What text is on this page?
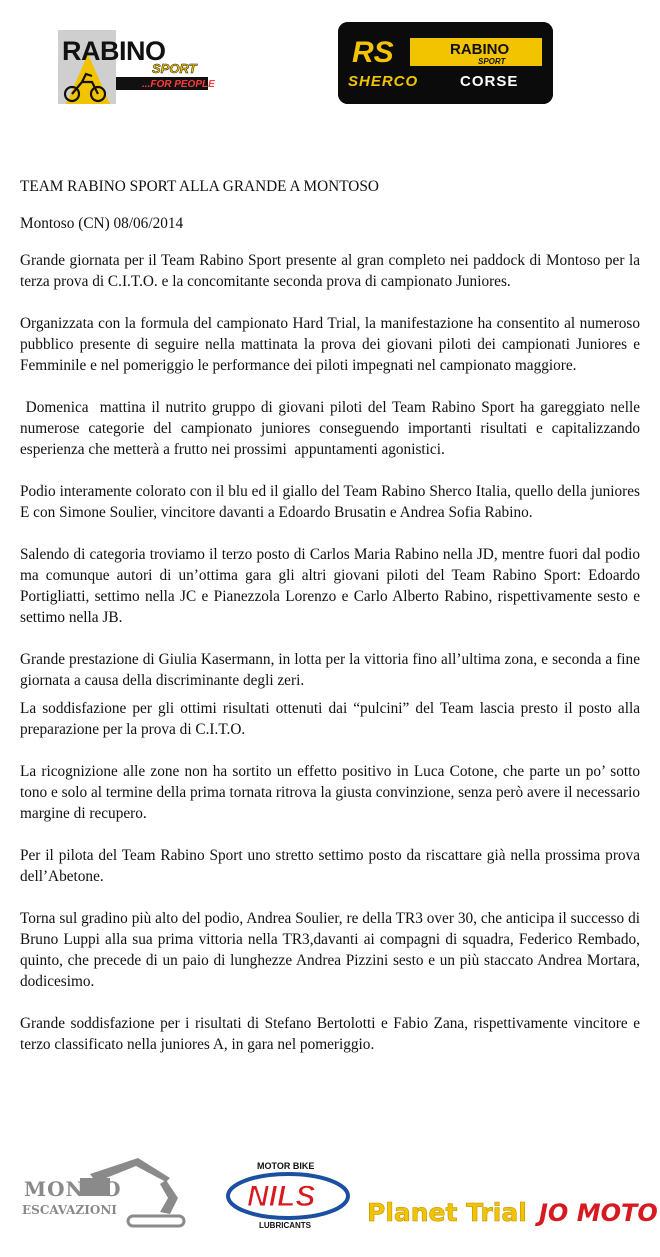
RABINO
SPORT
...FOR PEOPLE
RS	RABINO
SPORT
SHERCO	CORSE

TEAM RABINO SPORT ALLA GRANDE A MONTOSO

Montoso (CN) 08/06/2014

Grande giornata per il Team Rabino Sport presente al gran completo nei paddock di Montoso per la terza prova di C.I.T.O. e la concomitante seconda prova di campionato Juniores.

Organizzata con la formula del campionato Hard Trial, la manifestazione ha consentito al numeroso pubblico presente di seguire nella mattinata la prova dei giovani piloti dei campionati Juniores e Femminile e nel pomeriggio le performance dei piloti impegnati nel campionato maggiore.

Domenica  mattina il nutrito gruppo di giovani piloti del Team Rabino Sport ha gareggiato nelle numerose categorie del campionato juniores conseguendo importanti risultati e capitalizzando esperienza che metterà a frutto nei prossimi  appuntamenti agonistici.

Podio interamente colorato con il blu ed il giallo del Team Rabino Sherco Italia, quello della juniores E con Simone Soulier, vincitore davanti a Edoardo Brusatin e Andrea Sofia Rabino.

Salendo di categoria troviamo il terzo posto di Carlos Maria Rabino nella JD, mentre fuori dal podio ma comunque autori di un’ottima gara gli altri giovani piloti del Team Rabino Sport: Edoardo Portigliatti, settimo nella JC e Pianezzola Lorenzo e Carlo Alberto Rabino, rispettivamente sesto e settimo nella JB.

Grande prestazione di Giulia Kasermann, in lotta per la vittoria fino all’ultima zona, e seconda a fine giornata a causa della discriminante degli zeri.

La soddisfazione per gli ottimi risultati ottenuti dai “pulcini” del Team lascia presto il posto alla preparazione per la prova di C.I.T.O.

La ricognizione alle zone non ha sortito un effetto positivo in Luca Cotone, che parte un po’ sotto tono e solo al termine della prima tornata ritrova la giusta convinzione, senza però avere il necessario margine di recupero.

Per il pilota del Team Rabino Sport uno stretto settimo posto da riscattare già nella prossima prova dell’Abetone.

Torna sul gradino più alto del podio, Andrea Soulier, re della TR3 over 30, che anticipa il successo di Bruno Luppi alla sua prima vittoria nella TR3,davanti ai compagni di squadra, Federico Rembado, quinto, che precede di un paio di lunghezze Andrea Pizzini sesto e un più staccato Andrea Mortara, dodicesimo.

Grande soddisfazione per i risultati di Stefano Bertolotti e Fabio Zana, rispettivamente vincitore e terzo classificato nella juniores A, in gara nel pomeriggio.

MONDO
ESCAVAZIONI
MOTOR BIKE
NILS
LUBRICANTS Planet Trial JO MOTO
